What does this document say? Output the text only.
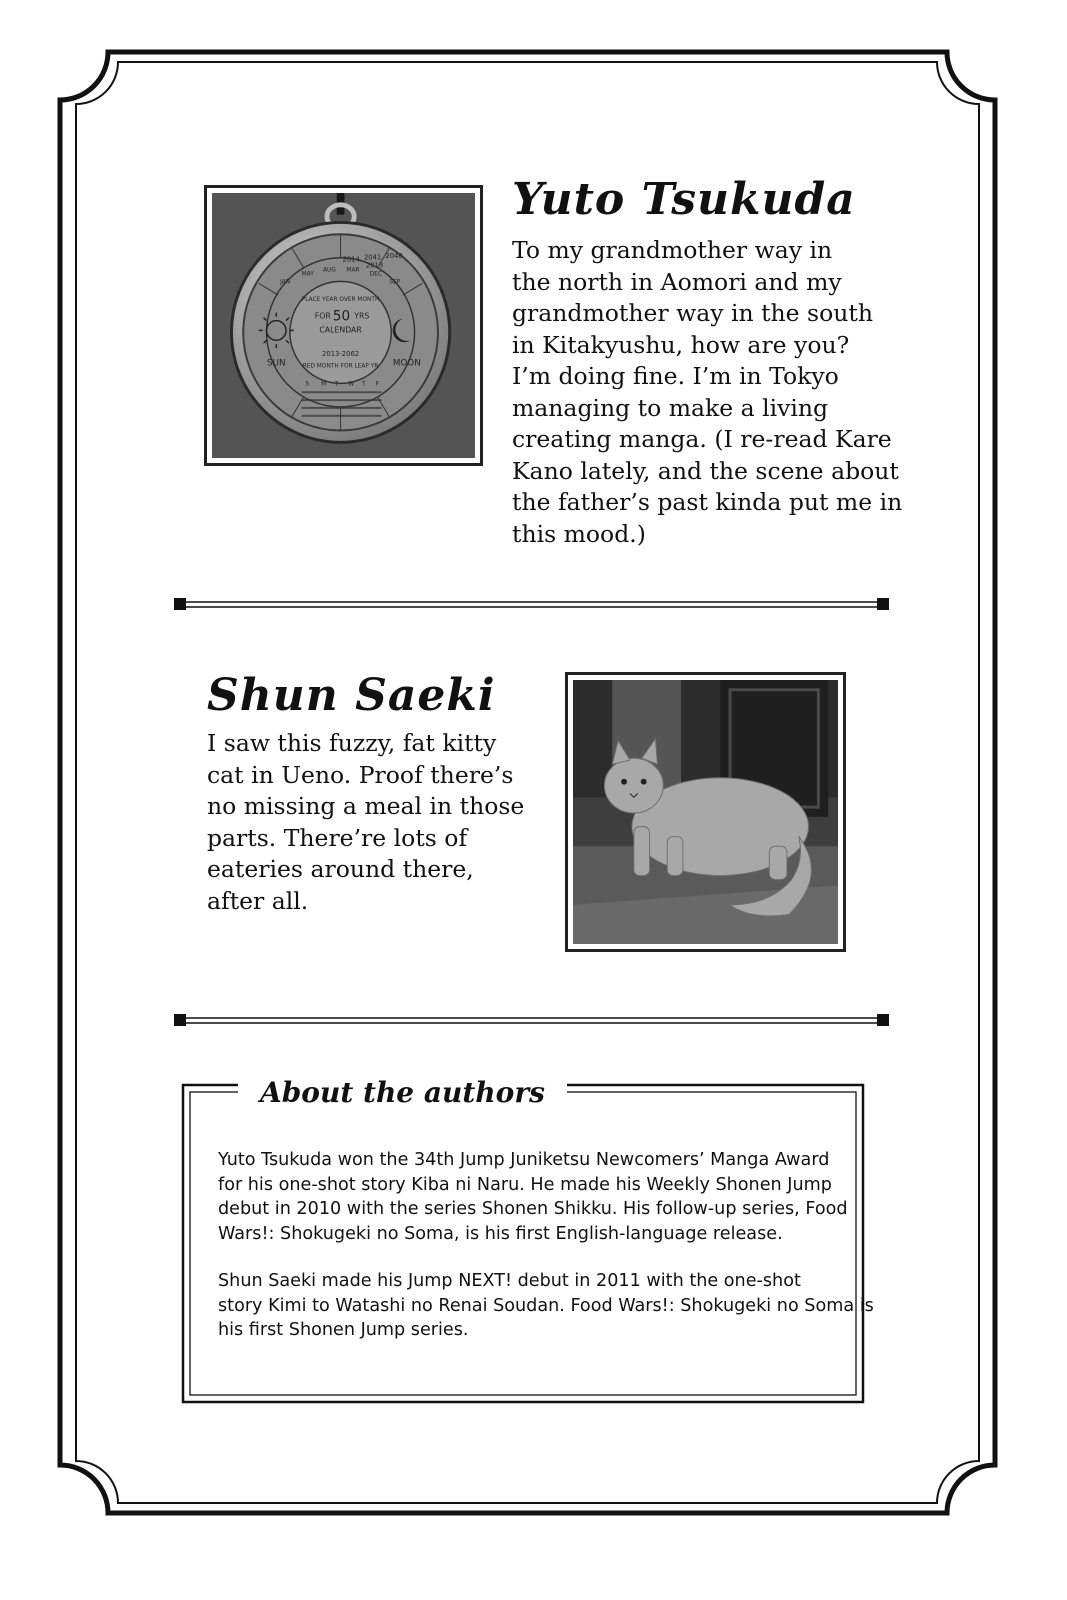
2014 2041 2040
2013
JAN
MAY
AUG MAR
DEC
SEP
PLACE YEAR OVER MONTH
FOR 50 YRS
CALENDAR
2013-2062
RED MONTH FOR LEAP YR
SUN	MOON
S M T W T F
Yuto Tsukuda

To my grandmother way in
the north in Aomori and my
grandmother way in the south
in Kitakyushu, how are you?
I’m doing fine. I’m in Tokyo
managing to make a living
creating manga. (I re-read Kare
Kano lately, and the scene about
the father’s past kinda put me in
this mood.)

Shun Saeki

I saw this fuzzy, fat kitty
cat in Ueno. Proof there’s
no missing a meal in those
parts. There’re lots of
eateries around there,
after all.

About the authors

Yuto Tsukuda won the 34th Jump Juniketsu Newcomers’ Manga Award
for his one-shot story Kiba ni Naru. He made his Weekly Shonen Jump
debut in 2010 with the series Shonen Shikku. His follow-up series, Food
Wars!: Shokugeki no Soma, is his first English-language release.

Shun Saeki made his Jump NEXT! debut in 2011 with the one-shot
story Kimi to Watashi no Renai Soudan. Food Wars!: Shokugeki no Soma is
his first Shonen Jump series.
